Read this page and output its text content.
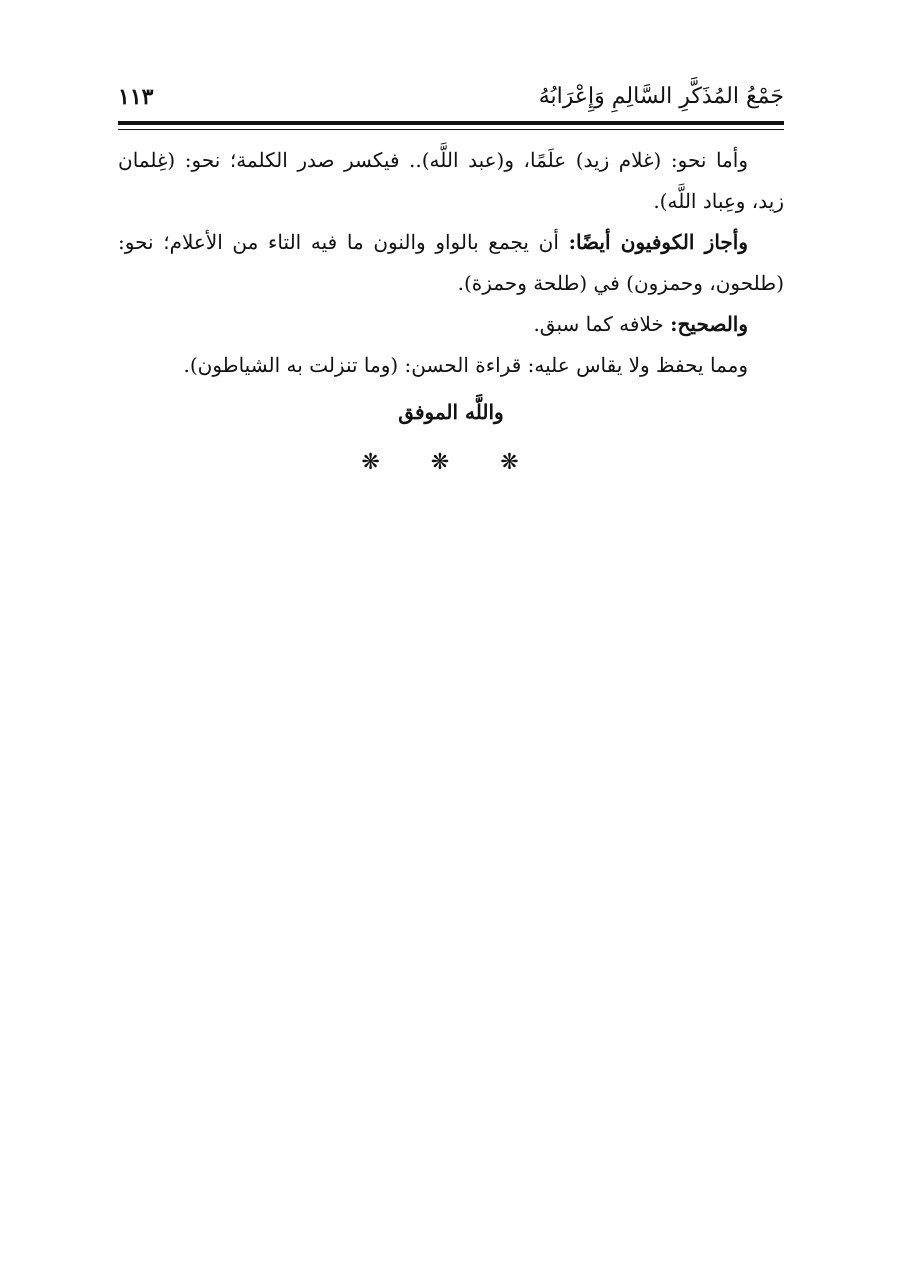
جَمْعُ المُذَكَّرِ السَّالِمِ وَإِعْرَابُهُ
١١٣

وأما نحو: (غلام زيد) علَمًا، و(عبد اللَّه).. فيكسر صدر الكلمة؛ نحو: (غِلمان زيد، وعِباد اللَّه).

وأجاز الكوفيون أيضًا: أن يجمع بالواو والنون ما فيه التاء من الأعلام؛ نحو: (طلحون، وحمزون) في (طلحة وحمزة).

والصحيح: خلافه كما سبق.

ومما يحفظ ولا يقاس عليه: قراءة الحسن: (وما تنزلت به الشياطون).

واللَّه الموفق
❋ ❋ ❋
